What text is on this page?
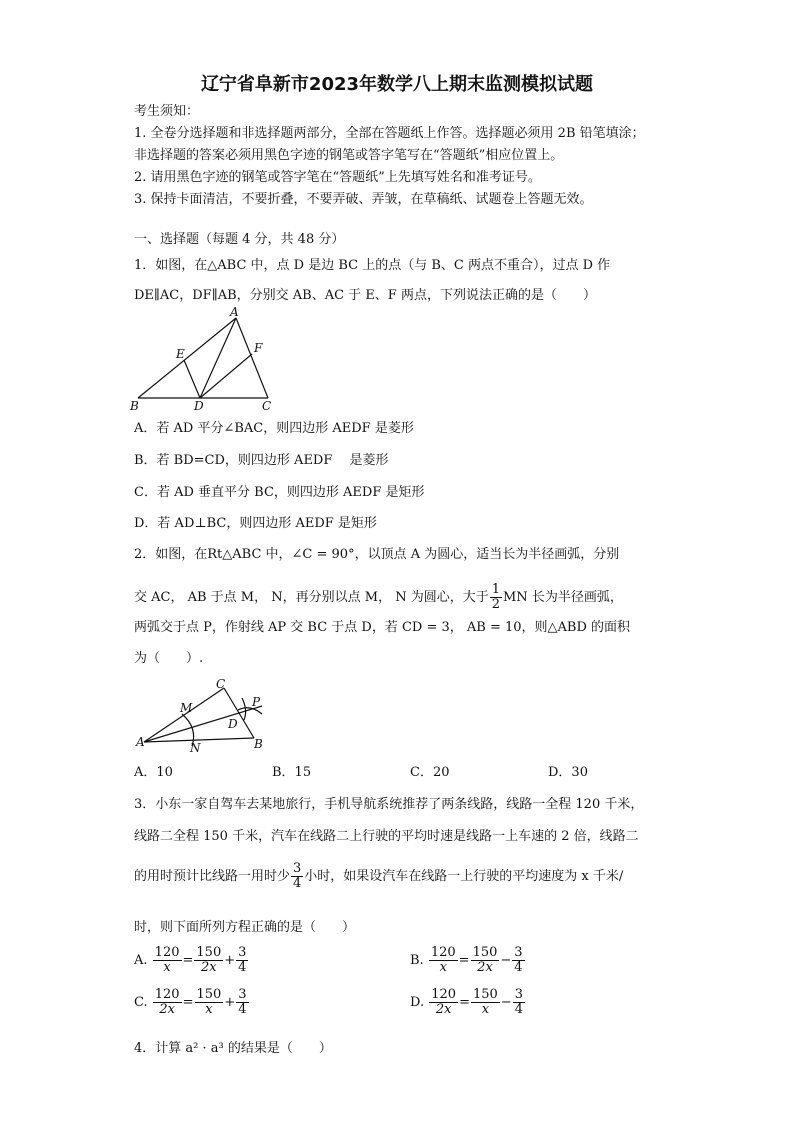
辽宁省阜新市2023年数学八上期末监测模拟试题
考生须知：
1. 全卷分选择题和非选择题两部分，全部在答题纸上作答。选择题必须用 2B 铅笔填涂；
非选择题的答案必须用黑色字迹的钢笔或答字笔写在“答题纸”相应位置上。
2. 请用黑色字迹的钢笔或答字笔在“答题纸”上先填写姓名和准考证号。
3. 保持卡面清洁，不要折叠，不要弄破、弄皱，在草稿纸、试题卷上答题无效。
一、选择题（每题 4 分，共 48 分）
1．如图，在△ABC 中，点 D 是边 BC 上的点（与 B、C 两点不重合），过点 D 作
DE∥AC，DF∥AB，分别交 AB、AC 于 E、F 两点，下列说法正确的是（　　）
A
B	C
D
E	F
A．若 AD 平分∠BAC，则四边形 AEDF 是菱形
B．若 BD=CD，则四边形 AEDF　 是菱形
C．若 AD 垂直平分 BC，则四边形 AEDF 是矩形
D．若 AD⊥BC，则四边形 AEDF 是矩形
2．如图，在Rt△ABC 中，∠C = 90°，以顶点 A 为圆心，适当长为半径画弧，分别
交 AC， AB 于点 M， N，再分别以点 M， N 为圆心，大于 $\frac{1}{2}$ MN 长为半径画弧，
两弧交于点 P，作射线 AP 交 BC 于点 D，若 CD = 3， AB = 10，则△ABD 的面积
为（　　）.
A	B
C
D
M
N
P
A．10	B．15	C．20	D．30
3．小东一家自驾车去某地旅行，手机导航系统推荐了两条线路，线路一全程 120 千米，
线路二全程 150 千米，汽车在线路二上行驶的平均时速是线路一上车速的 2 倍，线路二
的用时预计比线路一用时少 $\frac{3}{4}$ 小时，如果设汽车在线路一上行驶的平均速度为 x 千米/
时，则下面所列方程正确的是（　　）
A. $\frac{120}{x} = \frac{150}{2x} + \frac{3}{4}$	B. $\frac{120}{x} = \frac{150}{2x} - \frac{3}{4}$
C. $\frac{120}{2x} = \frac{150}{x} + \frac{3}{4}$	D. $\frac{120}{2x} = \frac{150}{x} - \frac{3}{4}$
4．计算 a² · a³ 的结果是（　　）
